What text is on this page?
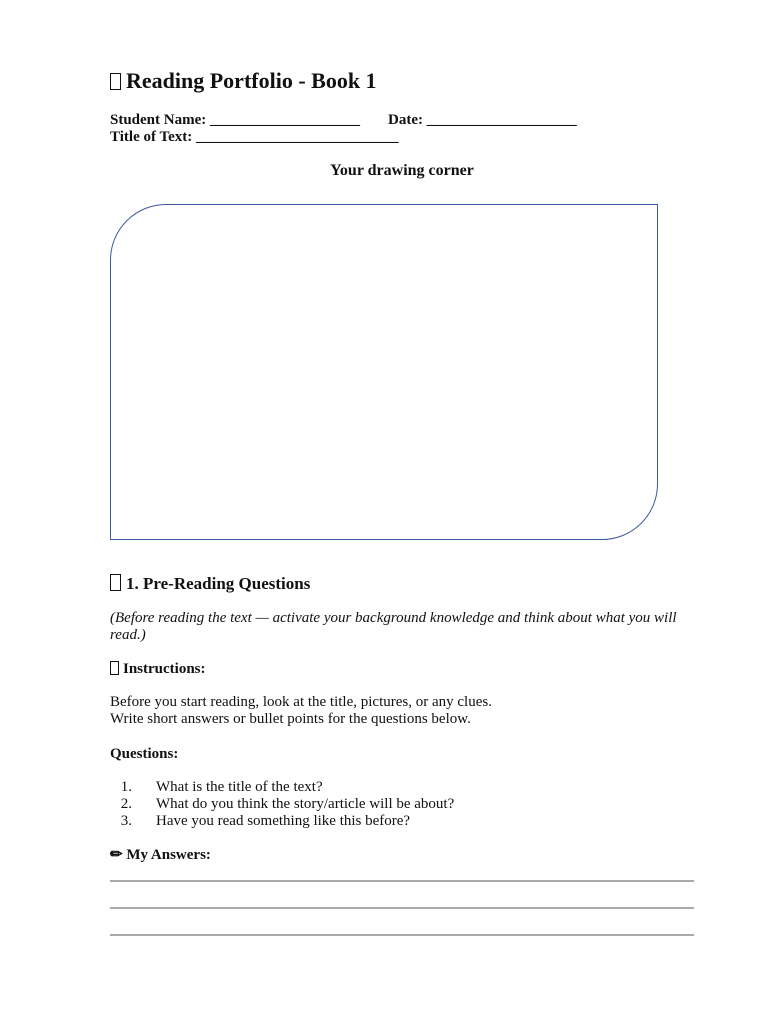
Reading Portfolio - Book 1
Student Name: ____________________ Date: ____________________
Title of Text: ___________________________
Your drawing corner
1. Pre-Reading Questions
(Before reading the text — activate your background knowledge and think about what you will read.)
Instructions:
Before you start reading, look at the title, pictures, or any clues.
Write short answers or bullet points for the questions below.
Questions:
1. What is the title of the text?
2. What do you think the story/article will be about?
3. Have you read something like this before?
✏ My Answers:
